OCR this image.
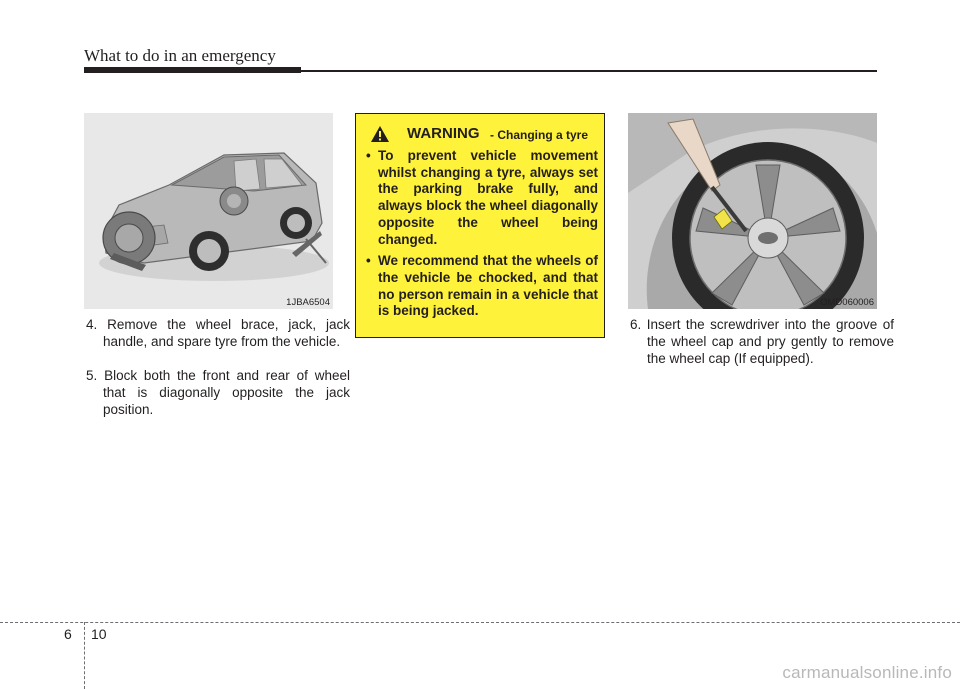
What to do in an emergency
1JBA6504

4. Remove the wheel brace, jack, jack handle, and spare tyre from the vehicle.

5. Block both the front and rear of wheel that is diagonally opposite the jack position.

WARNING - Changing a tyre
• To prevent vehicle movement whilst changing a tyre, always set the parking brake fully, and always block the wheel diagonally opposite the wheel being changed.
• We recommend that the wheels of the vehicle be chocked, and that no person remain in a vehicle that is being jacked.
OMD060006

6. Insert the screwdriver into the groove of the wheel cap and pry gently to remove the wheel cap (If equipped).

6 10
carmanualsonline.info
